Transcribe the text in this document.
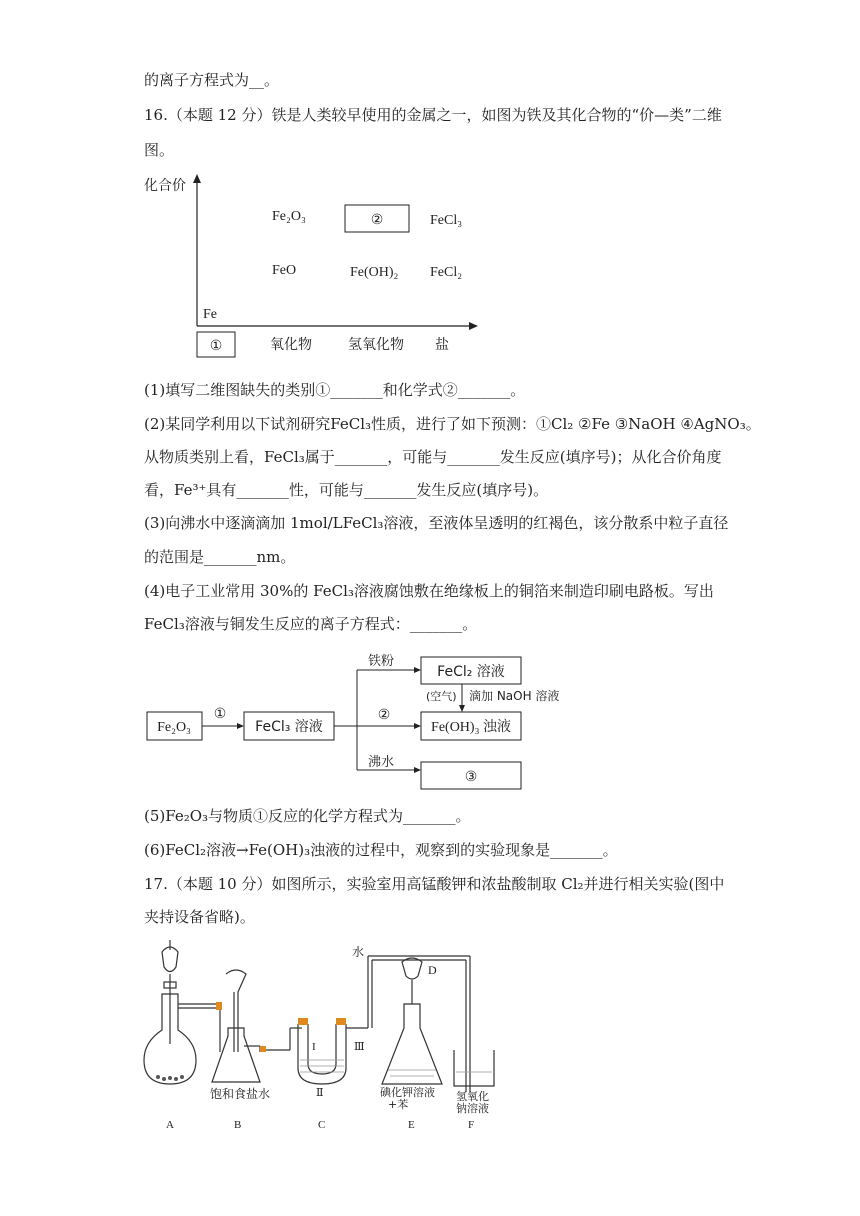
的离子方程式为__。
16.（本题 12 分）铁是人类较早使用的金属之一，如图为铁及其化合物的“价—类”二维
图。
化合价
Fe₂O₃	②	FeCl₃
FeO	Fe(OH)₂ FeCl₂
Fe
①	氧化物	氢氧化物 盐
(1)填写二维图缺失的类别①_______和化学式②_______。
(2)某同学利用以下试剂研究FeCl₃性质，进行了如下预测：①Cl₂ ②Fe ③NaOH ④AgNO₃。
从物质类别上看，FeCl₃属于_______，可能与_______发生反应(填序号)；从化合价角度
看，Fe³⁺具有_______性，可能与_______发生反应(填序号)。
(3)向沸水中逐滴滴加 1mol/LFeCl₃溶液，至液体呈透明的红褐色，该分散系中粒子直径
的范围是_______nm。
(4)电子工业常用 30%的 FeCl₃溶液腐蚀敷在绝缘板上的铜箔来制造印刷电路板。写出
FeCl₃溶液与铜发生反应的离子方程式：_______。
Fe₂O₃
①
FeCl₃ 溶液
铁粉
FeCl₂ 溶液
②
(空气) 滴加 NaOH 溶液
Fe(OH)₃ 浊液
沸水
③
(5)Fe₂O₃与物质①反应的化学方程式为_______。
(6)FeCl₂溶液→Fe(OH)₃浊液的过程中，观察到的实验现象是_______。
17.（本题 10 分）如图所示，实验室用高锰酸钾和浓盐酸制取 Cl₂并进行相关实验(图中
夹持设备省略)。
水
D
I	Ⅲ
Ⅱ
饱和食盐水	碘化钾溶液
+苯
氢氧化
钠溶液
A	B	C	E	F
